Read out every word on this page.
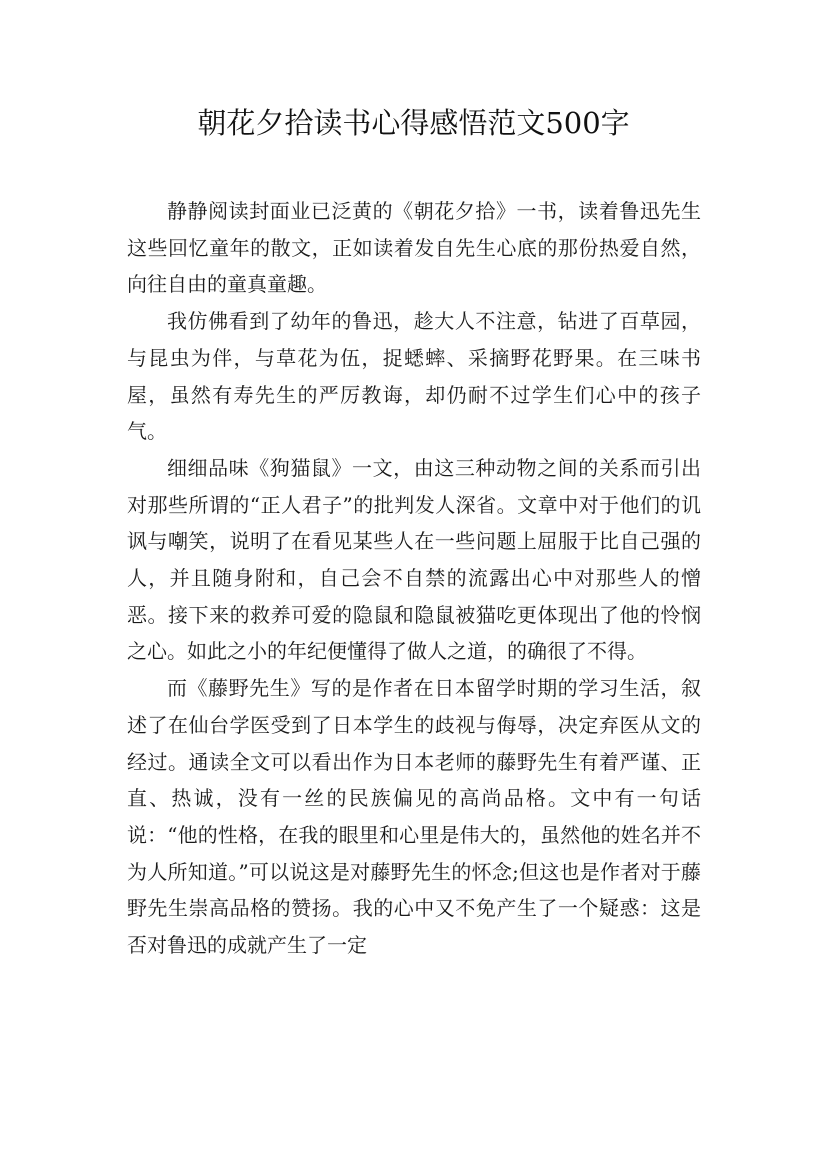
朝花夕拾读书心得感悟范文500字

静静阅读封面业已泛黄的《朝花夕拾》一书，读着鲁迅先生这些回忆童年的散文，正如读着发自先生心底的那份热爱自然，向往自由的童真童趣。

我仿佛看到了幼年的鲁迅，趁大人不注意，钻进了百草园，与昆虫为伴，与草花为伍，捉蟋蟀、采摘野花野果。在三味书屋，虽然有寿先生的严厉教诲，却仍耐不过学生们心中的孩子气。

细细品味《狗猫鼠》一文，由这三种动物之间的关系而引出对那些所谓的“正人君子”的批判发人深省。文章中对于他们的讥讽与嘲笑，说明了在看见某些人在一些问题上屈服于比自己强的人，并且随身附和，自己会不自禁的流露出心中对那些人的憎恶。接下来的救养可爱的隐鼠和隐鼠被猫吃更体现出了他的怜悯之心。如此之小的年纪便懂得了做人之道，的确很了不得。

而《藤野先生》写的是作者在日本留学时期的学习生活，叙述了在仙台学医受到了日本学生的歧视与侮辱，决定弃医从文的经过。通读全文可以看出作为日本老师的藤野先生有着严谨、正直、热诚，没有一丝的民族偏见的高尚品格。文中有一句话说：“他的性格，在我的眼里和心里是伟大的，虽然他的姓名并不为人所知道。”可以说这是对藤野先生的怀念;但这也是作者对于藤野先生崇高品格的赞扬。我的心中又不免产生了一个疑惑：这是否对鲁迅的成就产生了一定
